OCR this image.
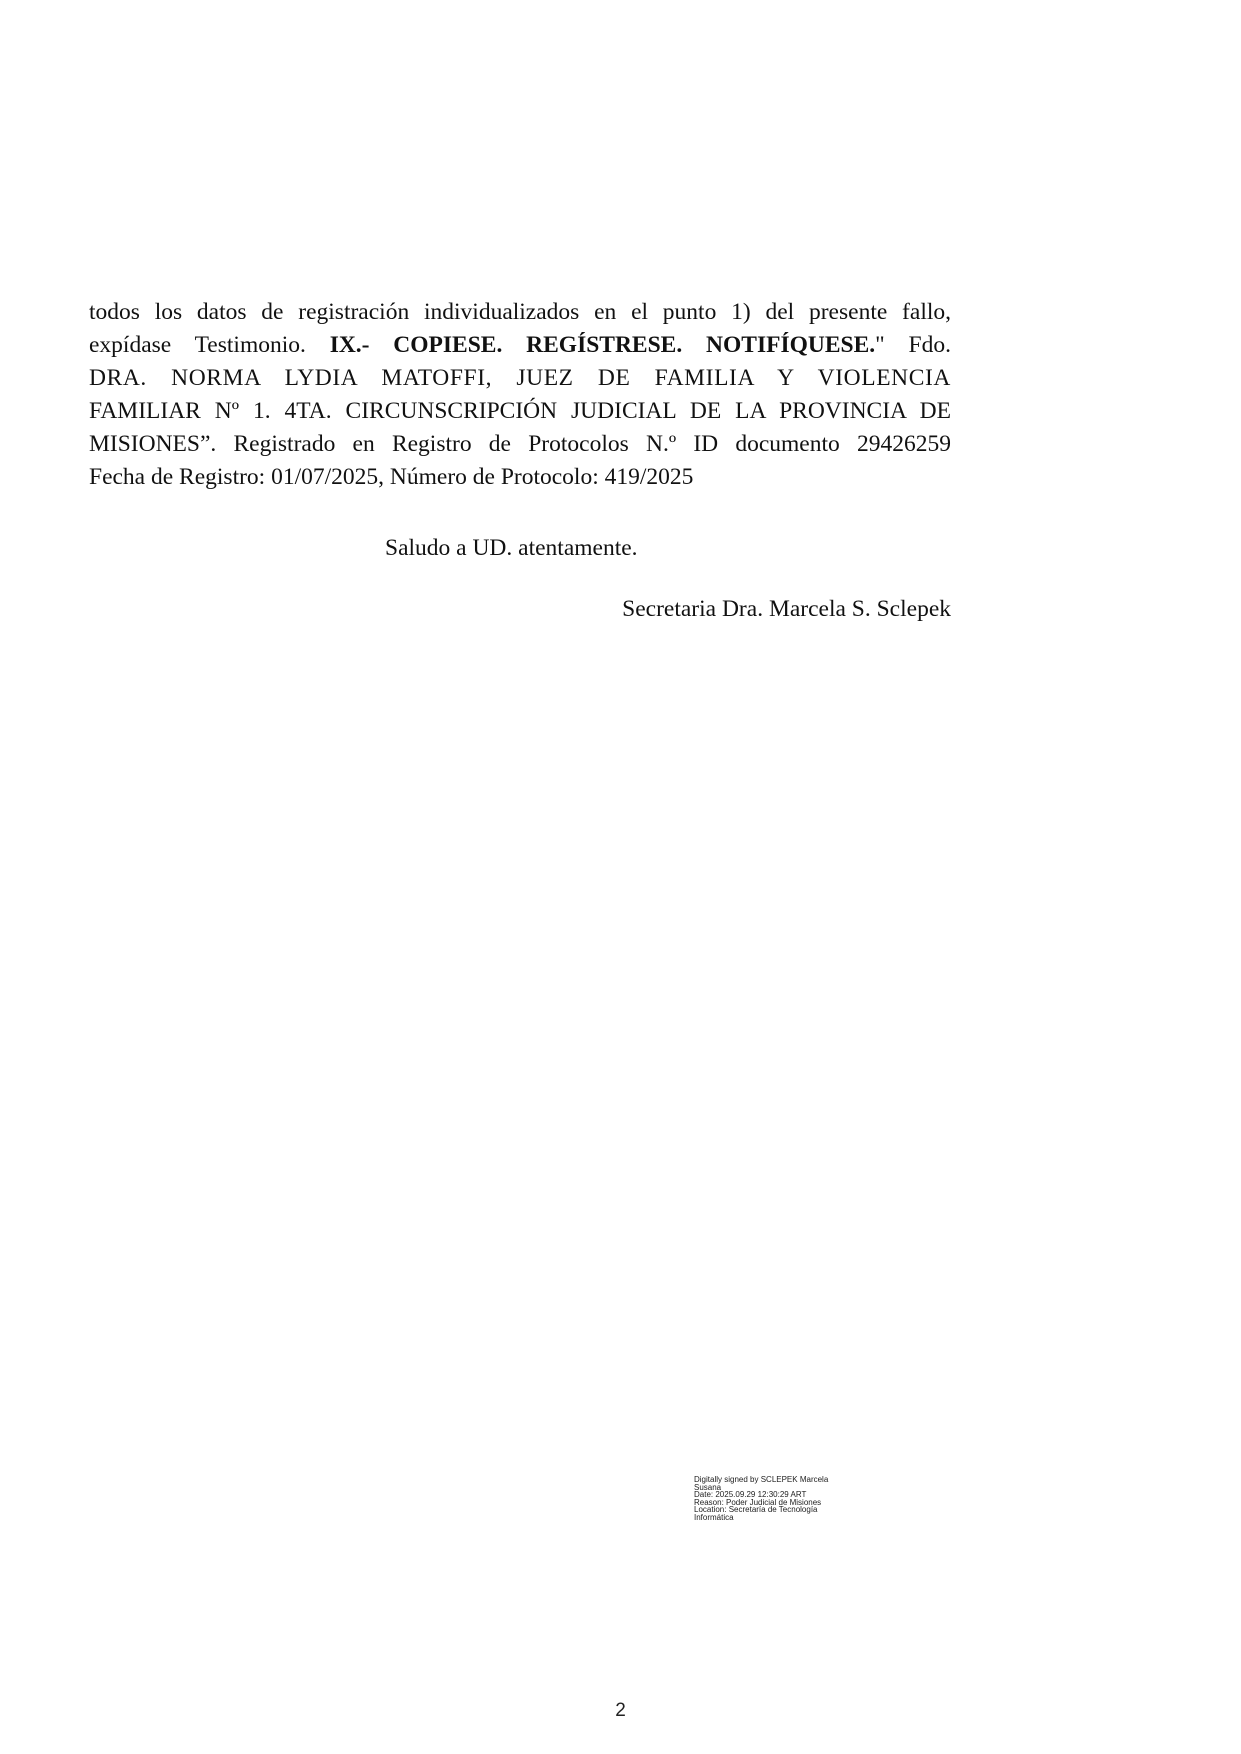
todos los datos de registración individualizados en el punto 1) del presente fallo,
expídase Testimonio. IX.- COPIESE. REGÍSTRESE. NOTIFÍQUESE." Fdo.
DRA. NORMA LYDIA MATOFFI, JUEZ DE FAMILIA Y VIOLENCIA
FAMILIAR Nº 1. 4TA. CIRCUNSCRIPCIÓN JUDICIAL DE LA PROVINCIA DE
MISIONES”. Registrado en Registro de Protocolos N.º ID documento 29426259
Fecha de Registro: 01/07/2025, Número de Protocolo: 419/2025
Saludo a UD. atentamente.
Secretaria Dra. Marcela S. Sclepek
Digitally signed by SCLEPEK Marcela
Susana
Date: 2025.09.29 12:30:29 ART
Reason: Poder Judicial de Misiones
Location: Secretaría de Tecnología
Informática
2
